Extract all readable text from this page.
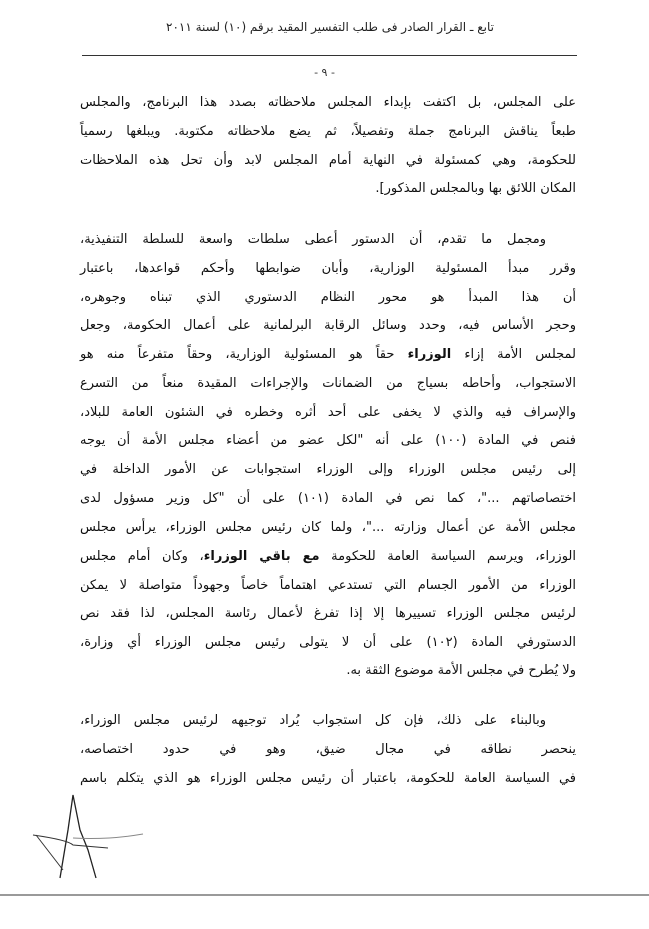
تابع ـ القرار الصادر فى طلب التفسير المقيد برقم (١٠) لسنة ٢٠١١
- ٩ -
على المجلس، بل اكتفت بإبداء المجلس ملاحظاته بصدد هذا البرنامج، والمجلس
طبعاً يناقش البرنامج جملة وتفصيلاً، ثم يضع ملاحظاته مكتوبة. ويبلغها رسمياً
للحكومة، وهي كمسئولة في النهاية أمام المجلس لابد وأن تحل هذه الملاحظات
المكان اللائق بها وبالمجلس المذكور].
ومجمل ما تقدم، أن الدستور أعطى سلطات واسعة للسلطة التنفيذية،
وقرر مبدأ المسئولية الوزارية، وأبان ضوابطها وأحكم قواعدها، باعتبار
أن هذا المبدأ هو محور النظام الدستوري الذي تبناه وجوهره،
وحجر الأساس فيه، وحدد وسائل الرقابة البرلمانية على أعمال الحكومة، وجعل
لمجلس الأمة إزاء الوزراء حقاً هو المسئولية الوزارية، وحقاً متفرعاً منه هو
الاستجواب، وأحاطه بسياج من الضمانات والإجراءات المقيدة منعاً من التسرع
والإسراف فيه والذي لا يخفى على أحد أثره وخطره في الشئون العامة للبلاد،
فنص في المادة (١٠٠) على أنه "لكل عضو من أعضاء مجلس الأمة أن يوجه
إلى رئيس مجلس الوزراء وإلى الوزراء استجوابات عن الأمور الداخلة في
اختصاصاتهم ..."، كما نص في المادة (١٠١) على أن "كل وزير مسؤول لدى
مجلس الأمة عن أعمال وزارته ..."، ولما كان رئيس مجلس الوزراء، يرأس مجلس
الوزراء، ويرسم السياسة العامة للحكومة مع باقي الوزراء، وكان أمام مجلس
الوزراء من الأمور الجسام التي تستدعي اهتماماً خاصاً وجهوداً متواصلة لا يمكن
لرئيس مجلس الوزراء تسييرها إلا إذا تفرغ لأعمال رئاسة المجلس، لذا فقد نص
الدستورفي المادة (١٠٢) على أن لا يتولى رئيس مجلس الوزراء أي وزارة،
ولا يُطرح في مجلس الأمة موضوع الثقة به.
وبالبناء على ذلك، فإن كل استجواب يُراد توجيهه لرئيس مجلس الوزراء،
ينحصر نطاقه في مجال ضيق، وهو في حدود اختصاصه،
في السياسة العامة للحكومة، باعتبار أن رئيس مجلس الوزراء هو الذي يتكلم باسم
